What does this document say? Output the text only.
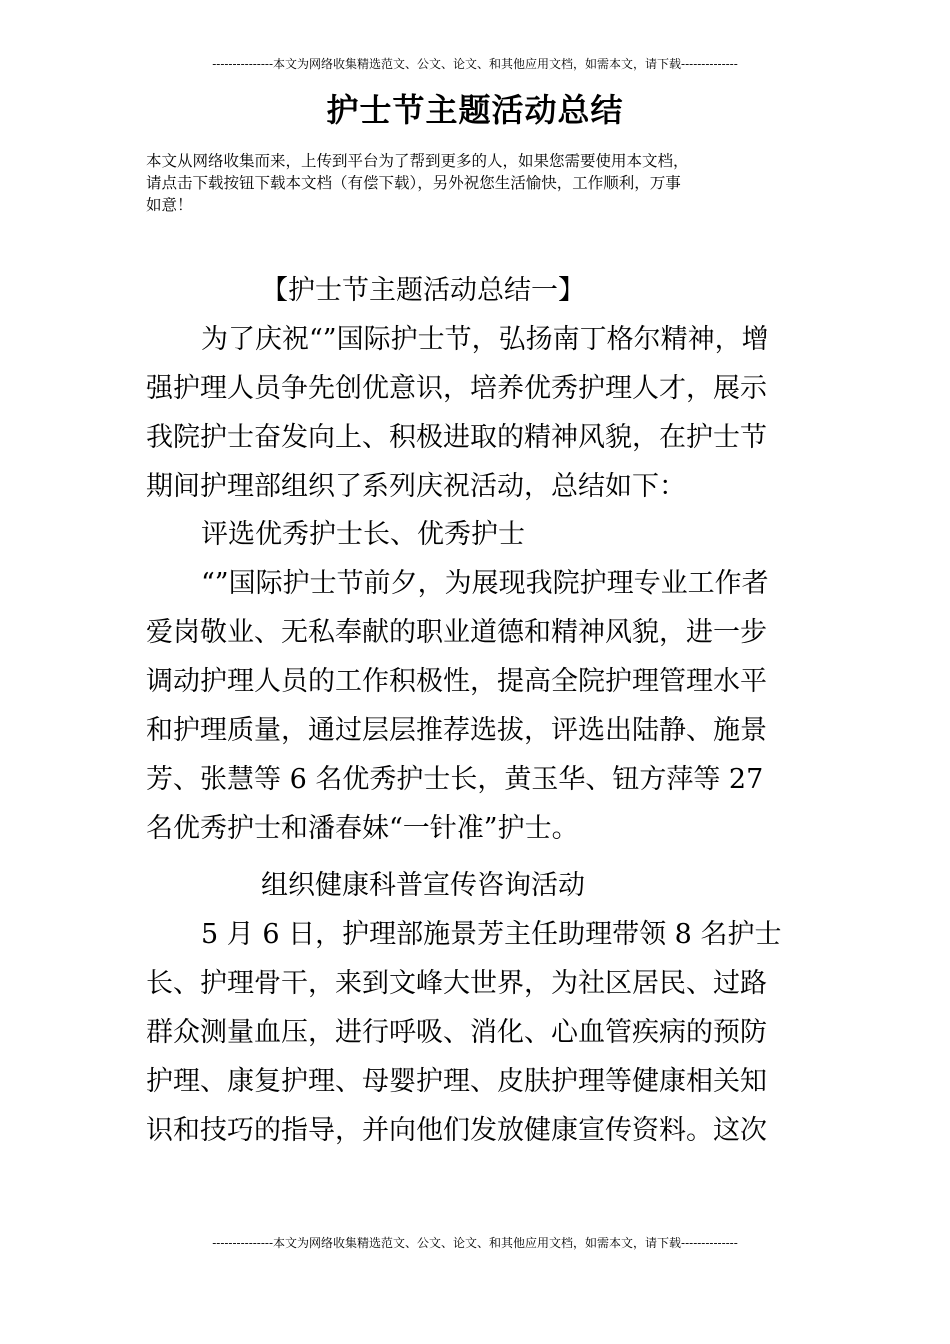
---------------本文为网络收集精选范文、公文、论文、和其他应用文档，如需本文，请下载--------------
护士节主题活动总结

本文从网络收集而来，上传到平台为了帮到更多的人，如果您需要使用本文档，

请点击下载按钮下载本文档（有偿下载），另外祝您生活愉快，工作顺利，万事

如意！

【护士节主题活动总结一】

为了庆祝“”国际护士节，弘扬南丁格尔精神，增

强护理人员争先创优意识，培养优秀护理人才，展示

我院护士奋发向上、积极进取的精神风貌，在护士节

期间护理部组织了系列庆祝活动，总结如下：

评选优秀护士长、优秀护士

“”国际护士节前夕，为展现我院护理专业工作者

爱岗敬业、无私奉献的职业道德和精神风貌，进一步

调动护理人员的工作积极性，提高全院护理管理水平

和护理质量，通过层层推荐选拔，评选出陆静、施景

芳、张慧等 6 名优秀护士长，黄玉华、钮方萍等 27

名优秀护士和潘春妹“一针准”护士。

组织健康科普宣传咨询活动

5 月 6 日，护理部施景芳主任助理带领 8 名护士

长、护理骨干，来到文峰大世界，为社区居民、过路

群众测量血压，进行呼吸、消化、心血管疾病的预防

护理、康复护理、母婴护理、皮肤护理等健康相关知

识和技巧的指导，并向他们发放健康宣传资料。这次

---------------本文为网络收集精选范文、公文、论文、和其他应用文档，如需本文，请下载--------------
